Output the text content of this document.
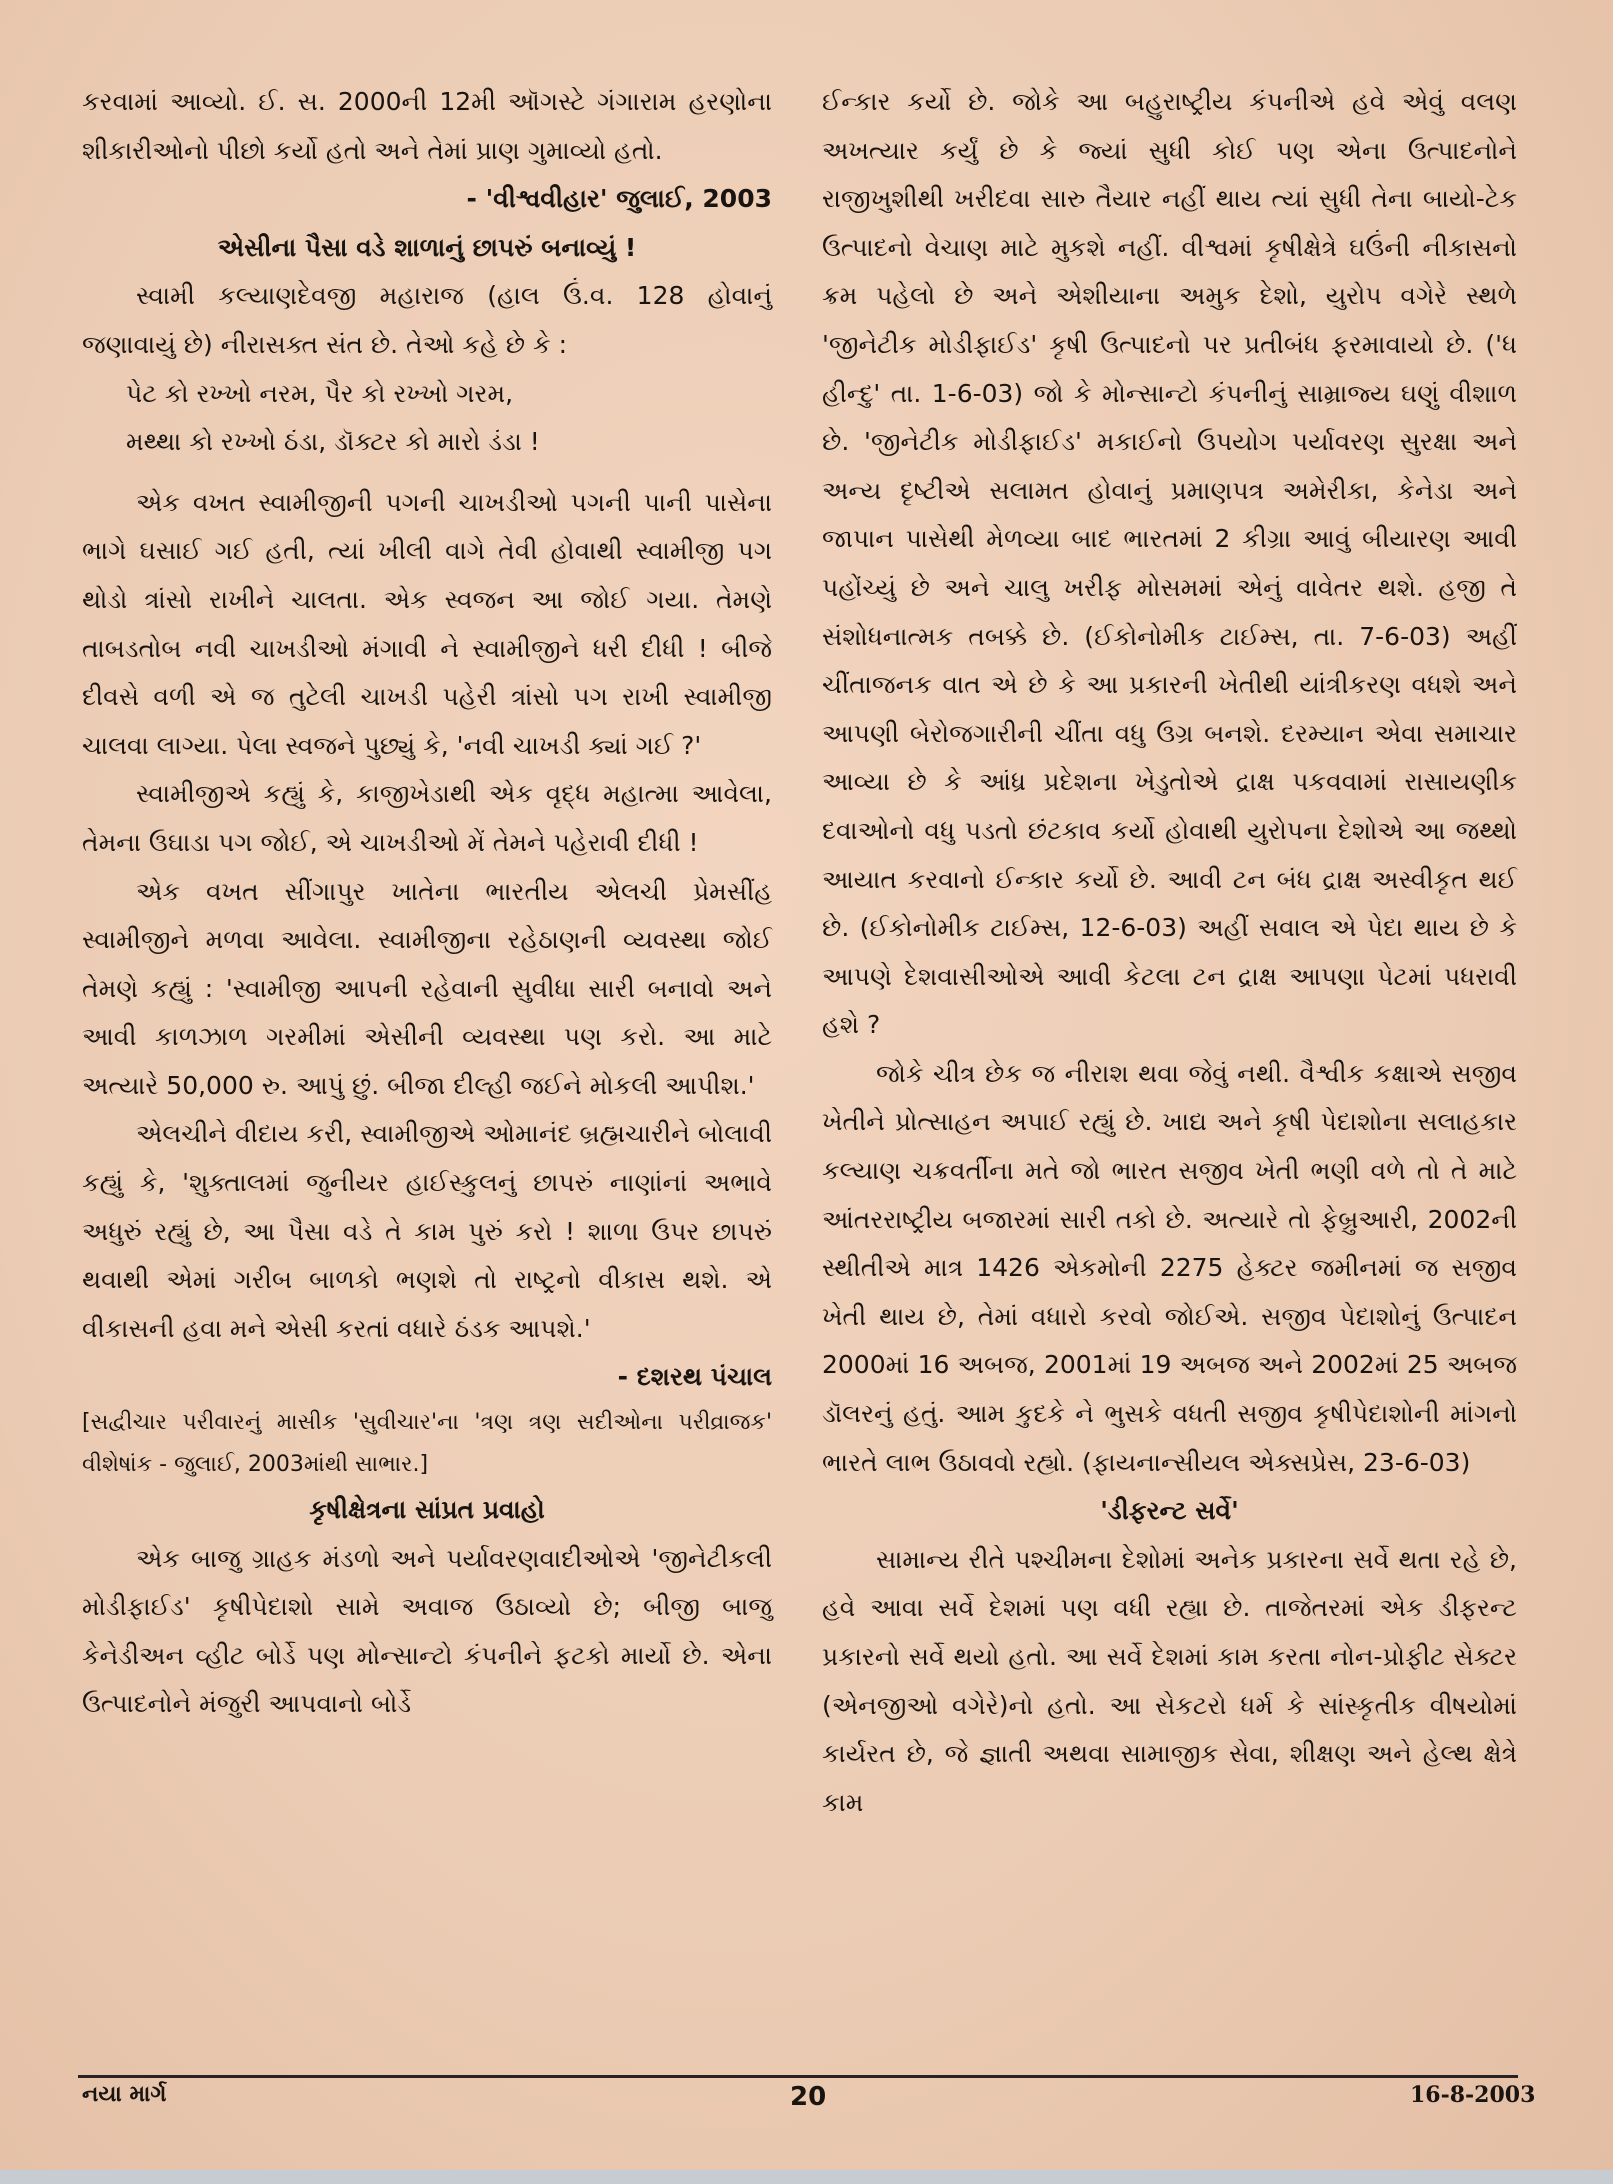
કરવામાં આવ્યો. ઈ. સ. 2000ની 12મી ઑગસ્ટે ગંગારામ હરણોના શીકારીઓનો પીછો કર્યો હતો અને તેમાં પ્રાણ ગુમાવ્યો હતો.

- 'વીશ્વવીહાર' જુલાઈ, 2003

એસીના પૈસા વડે શાળાનું છાપરું બનાવ્યું !

સ્વામી કલ્યાણદેવજી મહારાજ (હાલ ઉં.વ. 128 હોવાનું જણાવાયું છે) નીરાસક્ત સંત છે. તેઓ કહે છે કે :

પેટ કો રખ્ખો નરમ, પૈર કો રખ્ખો ગરમ,

મથ્થા કો રખ્ખો ઠંડા, ડૉક્ટર કો મારો ડંડા !

એક વખત સ્વામીજીની પગની ચાખડીઓ પગની પાની પાસેના ભાગે ઘસાઈ ગઈ હતી, ત્યાં ખીલી વાગે તેવી હોવાથી સ્વામીજી પગ થોડો ત્રાંસો રાખીને ચાલતા. એક સ્વજન આ જોઈ ગયા. તેમણે તાબડતોબ નવી ચાખડીઓ મંગાવી ને સ્વામીજીને ધરી દીધી ! બીજે દીવસે વળી એ જ તુટેલી ચાખડી પહેરી ત્રાંસો પગ રાખી સ્વામીજી ચાલવા લાગ્યા. પેલા સ્વજને પુછ્યું કે, 'નવી ચાખડી ક્યાં ગઈ ?'

સ્વામીજીએ કહ્યું કે, કાજીખેડાથી એક વૃદ્ધ મહાત્મા આવેલા, તેમના ઉઘાડા પગ જોઈ, એ ચાખડીઓ મેં તેમને પહેરાવી દીધી !

એક વખત સીંગાપુર ખાતેના ભારતીય એલચી પ્રેમસીંહ સ્વામીજીને મળવા આવેલા. સ્વામીજીના રહેઠાણની વ્યવસ્થા જોઈ તેમણે કહ્યું : 'સ્વામીજી આપની રહેવાની સુવીધા સારી બનાવો અને આવી કાળઝાળ ગરમીમાં એસીની વ્યવસ્થા પણ કરો. આ માટે અત્યારે 50,000 રુ. આપું છું. બીજા દીલ્હી જઈને મોકલી આપીશ.'

એલચીને વીદાય કરી, સ્વામીજીએ ઓમાનંદ બ્રહ્મચારીને બોલાવી કહ્યું કે, 'શુક્તાલમાં જુનીયર હાઈસ્કુલનું છાપરું નાણાંનાં અભાવે અધુરું રહ્યું છે, આ પૈસા વડે તે કામ પુરું કરો ! શાળા ઉપર છાપરું થવાથી એમાં ગરીબ બાળકો ભણશે તો રાષ્ટ્રનો વીકાસ થશે. એ વીકાસની હવા મને એસી કરતાં વધારે ઠંડક આપશે.'

- દશરથ પંચાલ

[સદ્વીચાર પરીવારનું માસીક 'સુવીચાર'ના 'ત્રણ ત્રણ સદીઓના પરીવ્રાજક' વીશેષાંક - જુલાઈ, 2003માંથી સાભાર.]

કૃષીક્ષેત્રના સાંપ્રત પ્રવાહો

એક બાજુ ગ્રાહક મંડળો અને પર્યાવરણવાદીઓએ 'જીનેટીકલી મોડીફાઈડ' કૃષીપેદાશો સામે અવાજ ઉઠાવ્યો છે; બીજી બાજુ કેનેડીઅન વ્હીટ બોર્ડે પણ મોન્સાન્ટો કંપનીને ફટકો માર્યો છે. એના ઉત્પાદનોને મંજુરી આપવાનો બોર્ડે

ઈન્કાર કર્યો છે. જોકે આ બહુરાષ્ટ્રીય કંપનીએ હવે એવું વલણ અખત્યાર કર્યું છે કે જ્યાં સુધી કોઈ પણ એના ઉત્પાદનોને રાજીખુશીથી ખરીદવા સારુ તૈયાર નહીં થાય ત્યાં સુધી તેના બાયો-ટેક ઉત્પાદનો વેચાણ માટે મુકશે નહીં. વીશ્વમાં કૃષીક્ષેત્રે ઘઉંની નીકાસનો ક્રમ પહેલો છે અને એશીયાના અમુક દેશો, યુરોપ વગેરે સ્થળે 'જીનેટીક મોડીફાઈડ' કૃષી ઉત્પાદનો પર પ્રતીબંધ ફરમાવાયો છે. ('ધ હીન્દુ' તા. 1-6-03) જો કે મોન્સાન્ટો કંપનીનું સામ્રાજ્ય ઘણું વીશાળ છે. 'જીનેટીક મોડીફાઈડ' મકાઈનો ઉપયોગ પર્યાવરણ સુરક્ષા અને અન્ય દૃષ્ટીએ સલામત હોવાનું પ્રમાણપત્ર અમેરીકા, કેનેડા અને જાપાન પાસેથી મેળવ્યા બાદ ભારતમાં 2 કીગ્રા આવું બીયારણ આવી પહોંચ્યું છે અને ચાલુ ખરીફ મોસમમાં એનું વાવેતર થશે. હજી તે સંશોધનાત્મક તબક્કે છે. (ઈકોનોમીક ટાઈમ્સ, તા. 7-6-03) અહીં ચીંતાજનક વાત એ છે કે આ પ્રકારની ખેતીથી યાંત્રીકરણ વધશે અને આપણી બેરોજગારીની ચીંતા વધુ ઉગ્ર બનશે. દરમ્યાન એવા સમાચાર આવ્યા છે કે આંધ્ર પ્રદેશના ખેડુતોએ દ્રાક્ષ પકવવામાં રાસાયણીક દવાઓનો વધુ પડતો છંટકાવ કર્યો હોવાથી યુરોપના દેશોએ આ જથ્થો આયાત કરવાનો ઈન્કાર કર્યો છે. આવી ટન બંધ દ્રાક્ષ અસ્વીકૃત થઈ છે. (ઈકોનોમીક ટાઈમ્સ, 12-6-03) અહીં સવાલ એ પેદા થાય છે કે આપણે દેશવાસીઓએ આવી કેટલા ટન દ્રાક્ષ આપણા પેટમાં પધરાવી હશે ?

જોકે ચીત્ર છેક જ નીરાશ થવા જેવું નથી. વૈશ્વીક કક્ષાએ સજીવ ખેતીને પ્રોત્સાહન અપાઈ રહ્યું છે. ખાદ્ય અને કૃષી પેદાશોના સલાહકાર કલ્યાણ ચક્રવર્તીના મતે જો ભારત સજીવ ખેતી ભણી વળે તો તે માટે આંતરરાષ્ટ્રીય બજારમાં સારી તકો છે. અત્યારે તો ફેબ્રુઆરી, 2002ની સ્થીતીએ માત્ર 1426 એકમોની 2275 હેક્ટર જમીનમાં જ સજીવ ખેતી થાય છે, તેમાં વધારો કરવો જોઈએ. સજીવ પેદાશોનું ઉત્પાદન 2000માં 16 અબજ, 2001માં 19 અબજ અને 2002માં 25 અબજ ડૉલરનું હતું. આમ કુદકે ને ભુસકે વધતી સજીવ કૃષીપેદાશોની માંગનો ભારતે લાભ ઉઠાવવો રહ્યો. (ફાયનાન્સીયલ એક્સપ્રેસ, 23-6-03)

'ડીફરન્ટ સર્વે'

સામાન્ય રીતે પશ્ચીમના દેશોમાં અનેક પ્રકારના સર્વે થતા રહે છે, હવે આવા સર્વે દેશમાં પણ વધી રહ્યા છે. તાજેતરમાં એક ડીફરન્ટ પ્રકારનો સર્વે થયો હતો. આ સર્વે દેશમાં કામ કરતા નોન-પ્રોફીટ સેક્ટર (એનજીઓ વગેરે)નો હતો. આ સેકટરો ધર્મ કે સાંસ્કૃતીક વીષયોમાં કાર્યરત છે, જે જ્ઞાતી અથવા સામાજીક સેવા, શીક્ષણ અને હેલ્થ ક્ષેત્રે કામ

નયા માર્ગ	20	16-8-2003
